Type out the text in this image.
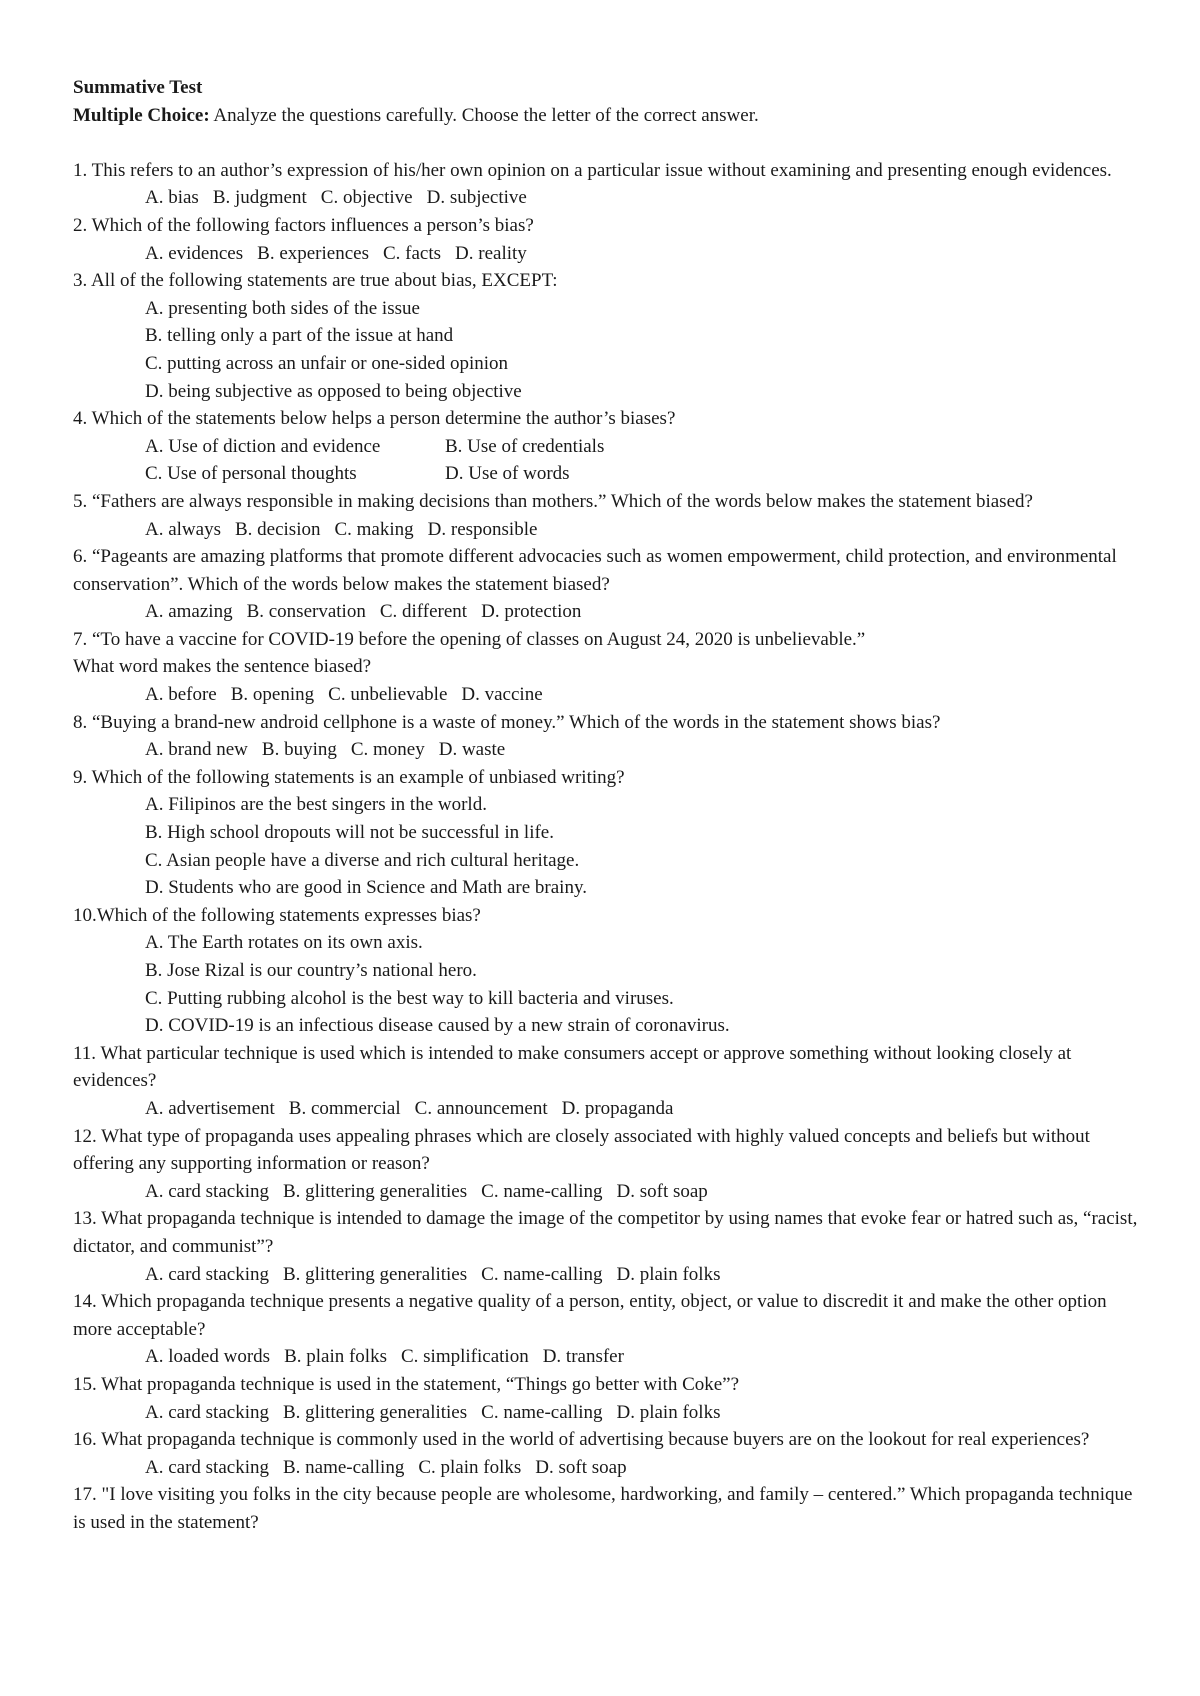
Summative Test
Multiple Choice: Analyze the questions carefully. Choose the letter of the correct answer.

1. This refers to an author’s expression of his/her own opinion on a particular issue without examining and presenting enough evidences.

A. bias B. judgment C. objective D. subjective

2. Which of the following factors influences a person’s bias?

A. evidences B. experiences C. facts D. reality

3. All of the following statements are true about bias, EXCEPT:

A. presenting both sides of the issue
B. telling only a part of the issue at hand
C. putting across an unfair or one-sided opinion
D. being subjective as opposed to being objective

4. Which of the statements below helps a person determine the author’s biases?

A. Use of diction and evidence	B. Use of credentials
C. Use of personal thoughts	D. Use of words

5. “Fathers are always responsible in making decisions than mothers.” Which of the words below makes the statement biased?

A. always B. decision C. making D. responsible

6. “Pageants are amazing platforms that promote different advocacies such as women empowerment, child protection, and environmental conservation”. Which of the words below makes the statement biased?

A. amazing B. conservation C. different D. protection

7. “To have a vaccine for COVID-19 before the opening of classes on August 24, 2020 is unbelievable.”

What word makes the sentence biased?

A. before B. opening C. unbelievable D. vaccine

8. “Buying a brand-new android cellphone is a waste of money.” Which of the words in the statement shows bias?

A. brand new B. buying C. money D. waste

9. Which of the following statements is an example of unbiased writing?

A. Filipinos are the best singers in the world.
B. High school dropouts will not be successful in life.
C. Asian people have a diverse and rich cultural heritage.
D. Students who are good in Science and Math are brainy.

10.Which of the following statements expresses bias?

A. The Earth rotates on its own axis.
B. Jose Rizal is our country’s national hero.
C. Putting rubbing alcohol is the best way to kill bacteria and viruses.
D. COVID-19 is an infectious disease caused by a new strain of coronavirus.

11. What particular technique is used which is intended to make consumers accept or approve something without looking closely at evidences?

A. advertisement B. commercial C. announcement D. propaganda

12. What type of propaganda uses appealing phrases which are closely associated with highly valued concepts and beliefs but without offering any supporting information or reason?

A. card stacking B. glittering generalities C. name-calling D. soft soap

13. What propaganda technique is intended to damage the image of the competitor by using names that evoke fear or hatred such as, “racist, dictator, and communist”?

A. card stacking B. glittering generalities C. name-calling D. plain folks

14. Which propaganda technique presents a negative quality of a person, entity, object, or value to discredit it and make the other option more acceptable?

A. loaded words B. plain folks C. simplification D. transfer

15. What propaganda technique is used in the statement, “Things go better with Coke”?

A. card stacking B. glittering generalities C. name-calling D. plain folks

16. What propaganda technique is commonly used in the world of advertising because buyers are on the lookout for real experiences?

A. card stacking B. name-calling C. plain folks D. soft soap

17. "I love visiting you folks in the city because people are wholesome, hardworking, and family – centered.” Which propaganda technique is used in the statement?
